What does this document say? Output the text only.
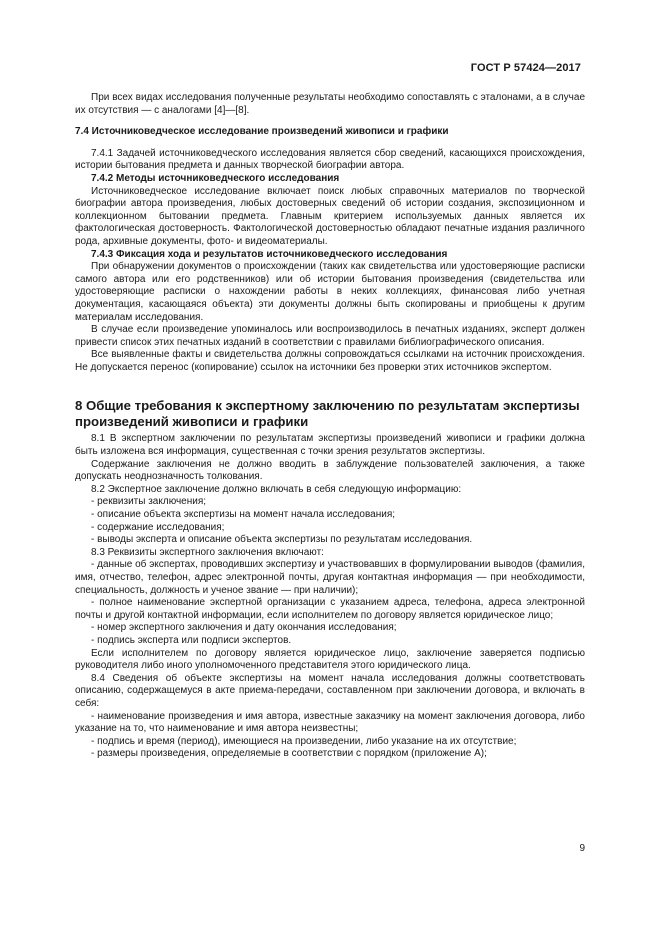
ГОСТ Р 57424—2017

При всех видах исследования полученные результаты необходимо сопоставлять с эталонами, а в случае их отсутствия — с аналогами [4]—[8].

7.4 Источниковедческое исследование произведений живописи и графики

7.4.1 Задачей источниковедческого исследования является сбор сведений, касающихся происхождения, истории бытования предмета и данных творческой биографии автора.

7.4.2 Методы источниковедческого исследования

Источниковедческое исследование включает поиск любых справочных материалов по творческой биографии автора произведения, любых достоверных сведений об истории создания, экспозиционном и коллекционном бытовании предмета. Главным критерием используемых данных является их фактологическая достоверность. Фактологической достоверностью обладают печатные издания различного рода, архивные документы, фото- и видеоматериалы.

7.4.3 Фиксация хода и результатов источниковедческого исследования

При обнаружении документов о происхождении (таких как свидетельства или удостоверяющие расписки самого автора или его родственников) или об истории бытования произведения (свидетельства или удостоверяющие расписки о нахождении работы в неких коллекциях, финансовая либо учетная документация, касающаяся объекта) эти документы должны быть скопированы и приобщены к другим материалам исследования.

В случае если произведение упоминалось или воспроизводилось в печатных изданиях, эксперт должен привести список этих печатных изданий в соответствии с правилами библиографического описания.

Все выявленные факты и свидетельства должны сопровождаться ссылками на источник происхождения. Не допускается перенос (копирование) ссылок на источники без проверки этих источников экспертом.

8 Общие требования к экспертному заключению по результатам экспертизы произведений живописи и графики

8.1 В экспертном заключении по результатам экспертизы произведений живописи и графики должна быть изложена вся информация, существенная с точки зрения результатов экспертизы.

Содержание заключения не должно вводить в заблуждение пользователей заключения, а также допускать неоднозначность толкования.

8.2 Экспертное заключение должно включать в себя следующую информацию:

- реквизиты заключения;

- описание объекта экспертизы на момент начала исследования;

- содержание исследования;

- выводы эксперта и описание объекта экспертизы по результатам исследования.

8.3 Реквизиты экспертного заключения включают:

- данные об экспертах, проводивших экспертизу и участвовавших в формулировании выводов (фамилия, имя, отчество, телефон, адрес электронной почты, другая контактная информация — при необходимости, специальность, должность и ученое звание — при наличии);

- полное наименование экспертной организации с указанием адреса, телефона, адреса электронной почты и другой контактной информации, если исполнителем по договору является юридическое лицо;

- номер экспертного заключения и дату окончания исследования;

- подпись эксперта или подписи экспертов.

Если исполнителем по договору является юридическое лицо, заключение заверяется подписью руководителя либо иного уполномоченного представителя этого юридического лица.

8.4 Сведения об объекте экспертизы на момент начала исследования должны соответствовать описанию, содержащемуся в акте приема-передачи, составленном при заключении договора, и включать в себя:

- наименование произведения и имя автора, известные заказчику на момент заключения договора, либо указание на то, что наименование и имя автора неизвестны;

- подпись и время (период), имеющиеся на произведении, либо указание на их отсутствие;

- размеры произведения, определяемые в соответствии с порядком (приложение А);

9
